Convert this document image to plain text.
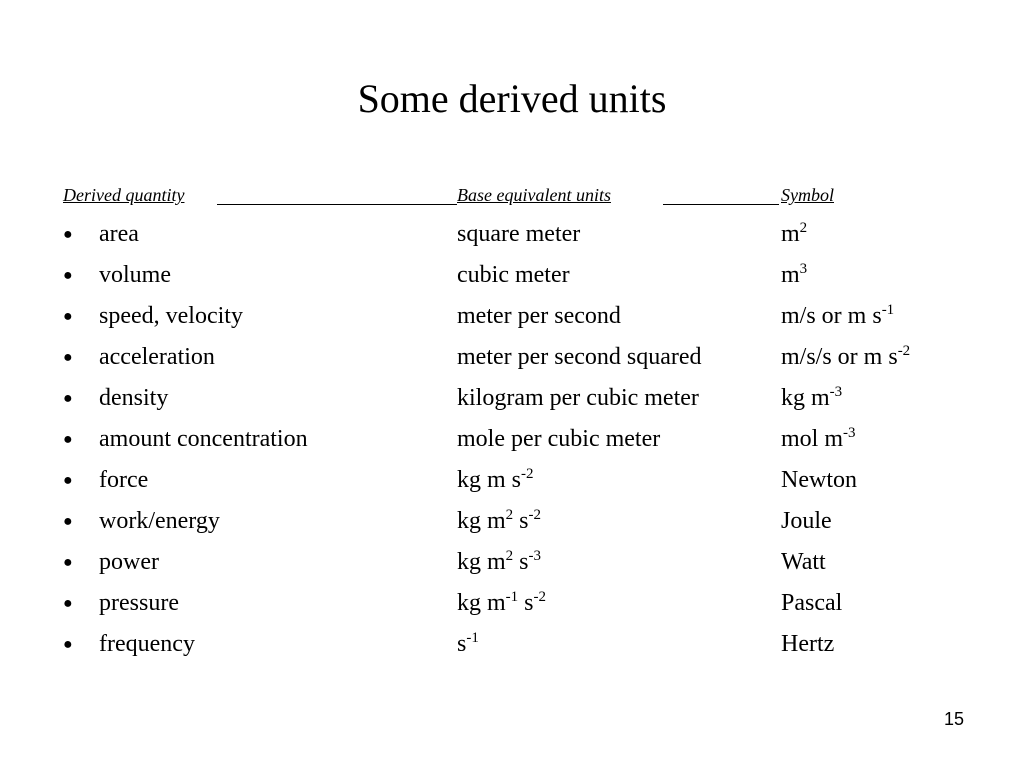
Some derived units
Derived quantity	Base equivalent units	Symbol
● area	square meter	$m^2$
● volume	cubic meter	$m^3$
● speed, velocity	meter per second	m/s or m $s^{-1}$
● acceleration	meter per second squared	m/s/s or m $s^{-2}$
● density	kilogram per cubic meter	kg $m^{-3}$
● amount concentration	mole per cubic meter	mol $m^{-3}$
● force	kg m $s^{-2}$	Newton
● work/energy	kg $m^2$ $s^{-2}$	Joule
● power	kg $m^2$ $s^{-3}$	Watt
● pressure	kg $m^{-1}$ $s^{-2}$	Pascal
● frequency	$s^{-1}$	Hertz
15
